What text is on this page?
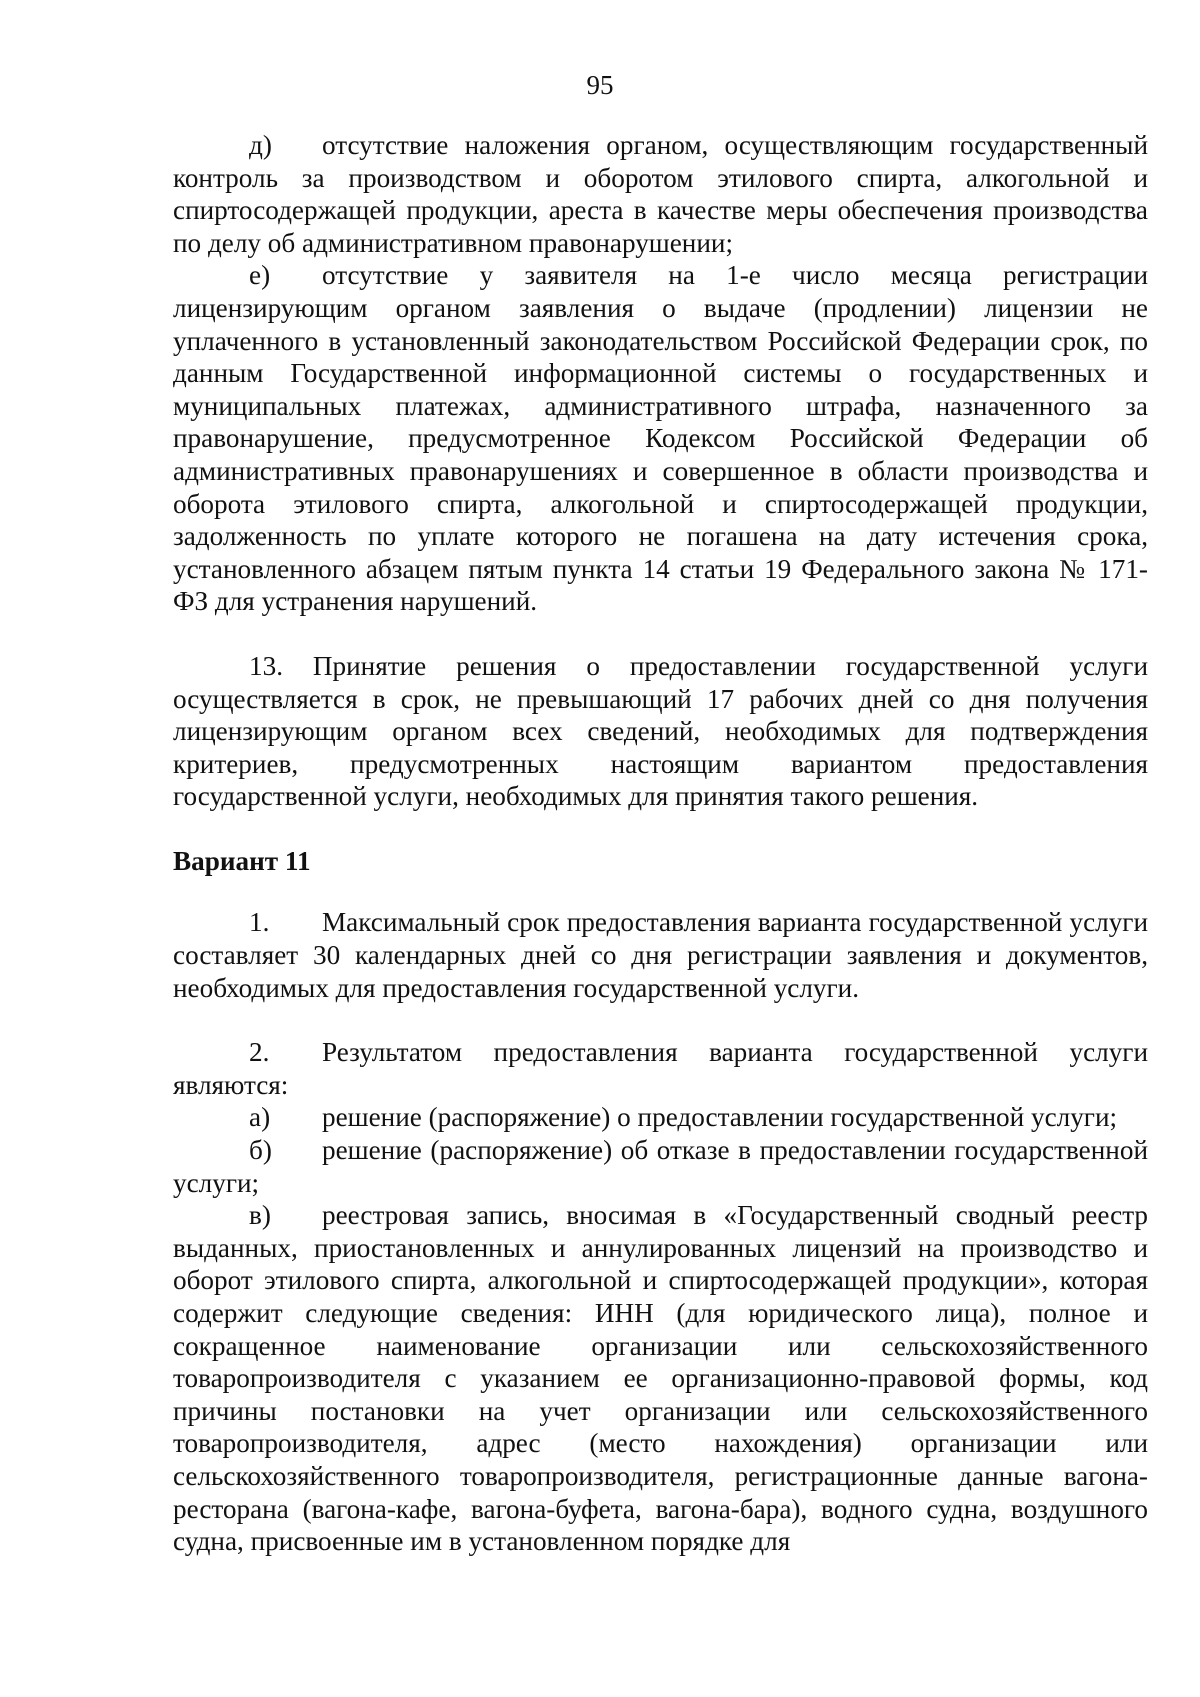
95

д) отсутствие наложения органом, осуществляющим государственный контроль за производством и оборотом этилового спирта, алкогольной и спиртосодержащей продукции, ареста в качестве меры обеспечения производства по делу об административном правонарушении;

е) отсутствие у заявителя на 1-е число месяца регистрации лицензирующим органом заявления о выдаче (продлении) лицензии не уплаченного в установленный законодательством Российской Федерации срок, по данным Государственной информационной системы о государственных и муниципальных платежах, административного штрафа, назначенного за правонарушение, предусмотренное Кодексом Российской Федерации об административных правонарушениях и совершенное в области производства и оборота этилового спирта, алкогольной и спиртосодержащей продукции, задолженность по уплате которого не погашена на дату истечения срока, установленного абзацем пятым пункта 14 статьи 19 Федерального закона № 171-ФЗ для устранения нарушений.

13. Принятие решения о предоставлении государственной услуги осуществляется в срок, не превышающий 17 рабочих дней со дня получения лицензирующим органом всех сведений, необходимых для подтверждения критериев, предусмотренных настоящим вариантом предоставления государственной услуги, необходимых для принятия такого решения.

Вариант 11

1. Максимальный срок предоставления варианта государственной услуги составляет 30 календарных дней со дня регистрации заявления и документов, необходимых для предоставления государственной услуги.

2. Результатом предоставления варианта государственной услуги являются:

а) решение (распоряжение) о предоставлении государственной услуги;

б) решение (распоряжение) об отказе в предоставлении государственной услуги;

в) реестровая запись, вносимая в «Государственный сводный реестр выданных, приостановленных и аннулированных лицензий на производство и оборот этилового спирта, алкогольной и спиртосодержащей продукции», которая содержит следующие сведения: ИНН (для юридического лица), полное и сокращенное наименование организации или сельскохозяйственного товаропроизводителя с указанием ее организационно-правовой формы, код причины постановки на учет организации или сельскохозяйственного товаропроизводителя, адрес (место нахождения) организации или сельскохозяйственного товаропроизводителя, регистрационные данные вагона-ресторана (вагона-кафе, вагона-буфета, вагона-бара), водного судна, воздушного судна, присвоенные им в установленном порядке для
